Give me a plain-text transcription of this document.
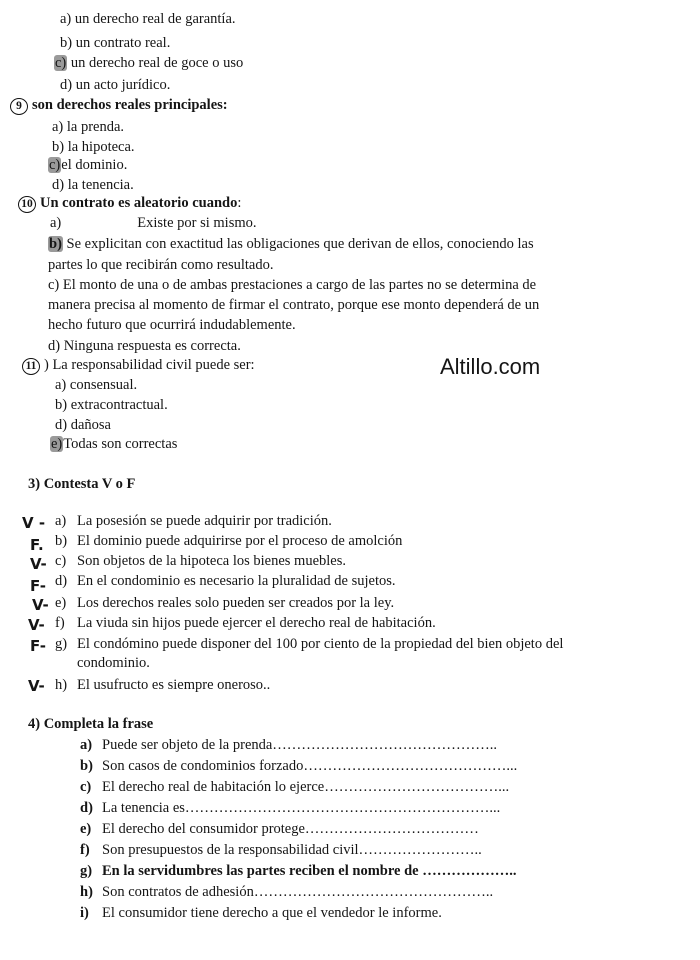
a) un derecho real de garantía.
b) un contrato real.
c) un derecho real de goce o uso
d) un acto jurídico.
9 son derechos reales principales:
a) la prenda.
b) la hipoteca.
c)el dominio.
d) la tenencia.
10 Un contrato es aleatorio cuando:
a)	Existe por si mismo.
b) Se explicitan con exactitud las obligaciones que derivan de ellos, conociendo las
partes lo que recibirán como resultado.
c) El monto de una o de ambas prestaciones a cargo de las partes no se determina de
manera precisa al momento de firmar el contrato, porque ese monto dependerá de un
hecho futuro que ocurrirá indudablemente.
d) Ninguna respuesta es correcta.
11 ) La responsabilidad civil puede ser:
a) consensual.
b) extracontractual.
d) dañosa
e)Todas son correctas
Altillo.com
3) Contesta V o F
V - a) La posesión se puede adquirir por tradición.
F. b) El dominio puede adquirirse por el proceso de amolción
V- c) Son objetos de la hipoteca los bienes muebles.
F- d) En el condominio es necesario la pluralidad de sujetos.
V- e) Los derechos reales solo pueden ser creados por la ley.
V- f) La viuda sin hijos puede ejercer el derecho real de habitación.
F- g) El condómino puede disponer del 100 por ciento de la propiedad del bien objeto del
condominio.
V- h) El usufructo es siempre oneroso..
4) Completa la frase
a) Puede ser objeto de la prenda………………………………………..
b) Son casos de condominios forzado……………………………………...
c) El derecho real de habitación lo ejerce………………………………...
d) La tenencia es………………………………………………………...
e) El derecho del consumidor protege………………………………
f) Son presupuestos de la responsabilidad civil……………………..
g) En la servidumbres las partes reciben el nombre de ………………..
h) Son contratos de adhesión…………………………………………..
i) El consumidor tiene derecho a que el vendedor le informe.
